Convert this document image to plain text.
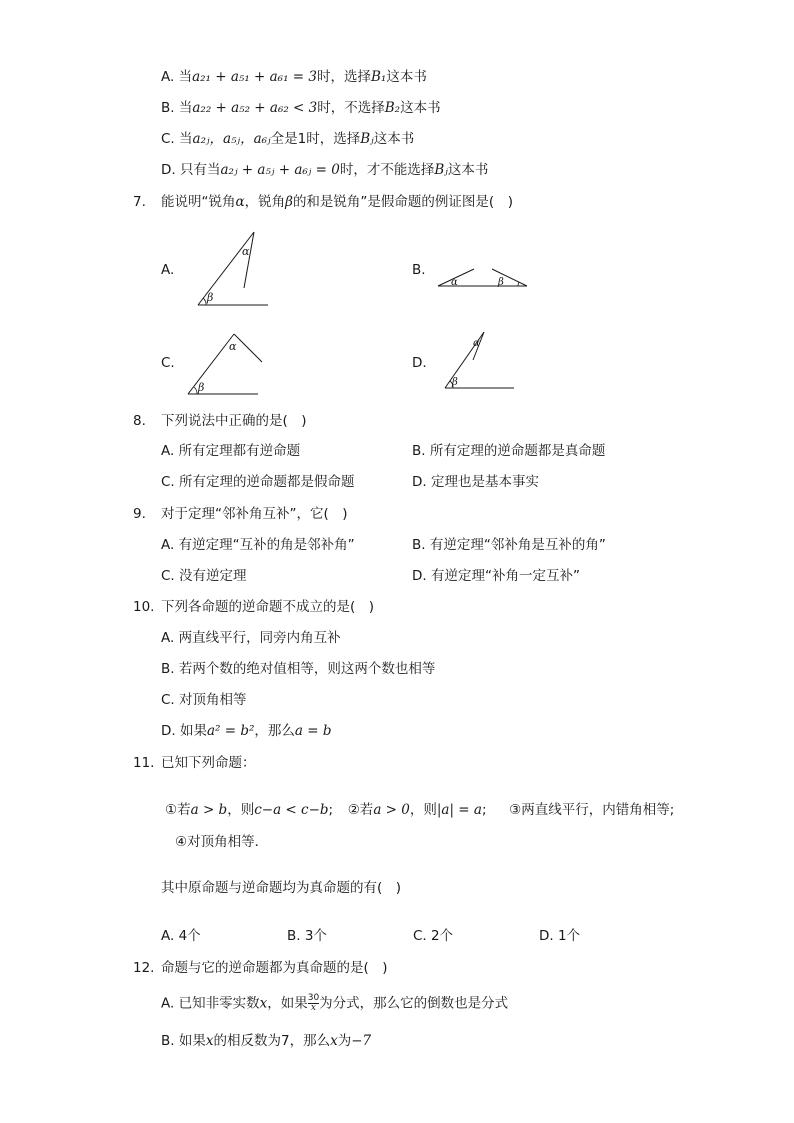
A. 当a₂₁ + a₅₁ + a₆₁ = 3时，选择B₁这本书
B. 当a₂₂ + a₅₂ + a₆₂ < 3时，不选择B₂这本书
C. 当a₂ⱼ，a₅ⱼ，a₆ⱼ全是1时，选择Bⱼ这本书
D. 只有当a₂ⱼ + a₅ⱼ + a₆ⱼ = 0时，才不能选择Bⱼ这本书
7. 能说明“锐角α，锐角β的和是锐角”是假命题的例证图是(　)
A.
β
α
B.
α	β
C.
β
α
D.
β
α
8. 下列说法中正确的是(　)
A. 所有定理都有逆命题	B. 所有定理的逆命题都是真命题
C. 所有定理的逆命题都是假命题	D. 定理也是基本事实
9. 对于定理“邻补角互补”，它(　)
A. 有逆定理“互补的角是邻补角”	B. 有逆定理“邻补角是互补的角”
C. 没有逆定理	D. 有逆定理“补角一定互补”
10. 下列各命题的逆命题不成立的是(　)
A. 两直线平行，同旁内角互补
B. 若两个数的绝对值相等，则这两个数也相等
C. 对顶角相等
D. 如果a² = b²，那么a = b
11. 已知下列命题：
①若a > b，则c−a < c−b; ②若a > 0，则|a| = a; ③两直线平行，内错角相等;
④对顶角相等．
其中原命题与逆命题均为真命题的有(　)
A. 4个	B. 3个	C. 2个	D. 1个
12. 命题与它的逆命题都为真命题的是(　)
A. 已知非零实数x，如果 $\frac{30}{x}$ 为分式，那么它的倒数也是分式
B. 如果x的相反数为7，那么x为−7
